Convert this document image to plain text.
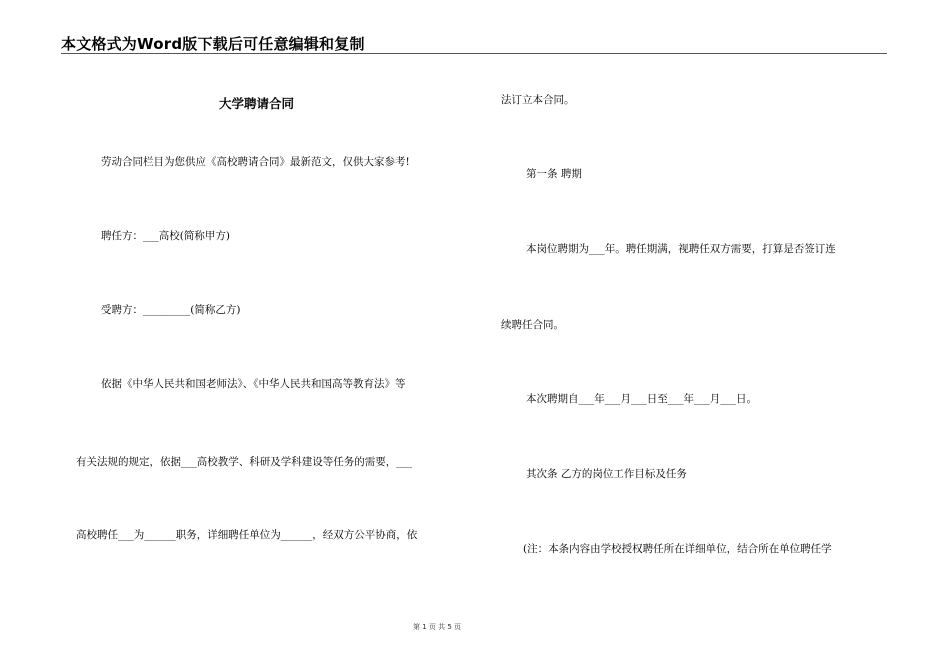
本文格式为Word版下载后可任意编辑和复制
大学聘请合同
劳动合同栏目为您供应《高校聘请合同》最新范文，仅供大家参考!
聘任方：___高校(简称甲方)
受聘方：_________(简称乙方)
依据《中华人民共和国老师法》、《中华人民共和国高等教育法》等
有关法规的规定，依据___高校教学、科研及学科建设等任务的需要，___
高校聘任___为______职务，详细聘任单位为______，经双方公平协商，依
法订立本合同。
第一条 聘期
本岗位聘期为___年。聘任期满，视聘任双方需要，打算是否签订连
续聘任合同。
本次聘期自___年___月___日至___年___月___日。
其次条 乙方的岗位工作目标及任务
(注：本条内容由学校授权聘任所在详细单位，结合所在单位聘任学
第 1 页 共 5 页
